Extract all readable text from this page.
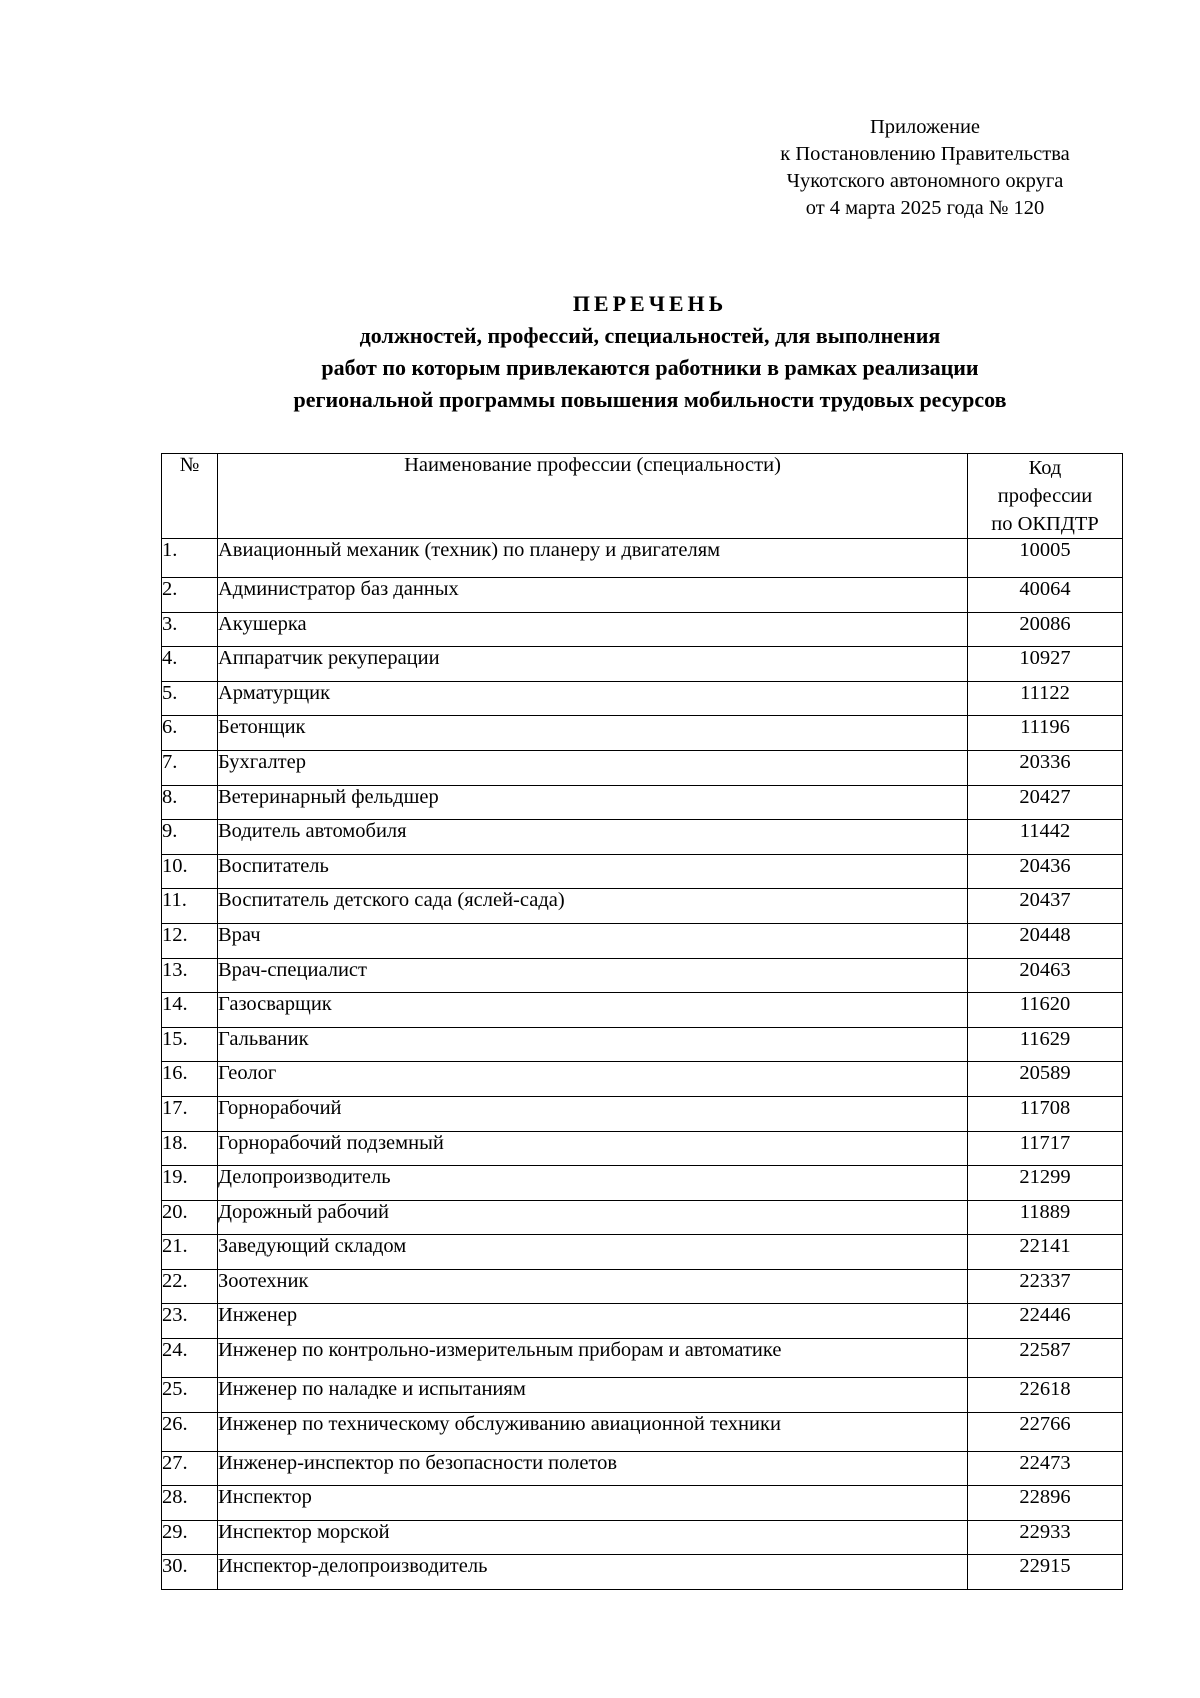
Приложение
к Постановлению Правительства
Чукотского автономного округа
от 4 марта 2025 года № 120
ПЕРЕЧЕНЬ
должностей, профессий, специальностей, для выполнения
работ по которым привлекаются работники в рамках реализации
региональной программы повышения мобильности трудовых ресурсов
№	Наименование профессии (специальности)	Код
профессии
по ОКПДТР

1.	Авиационный механик (техник) по планеру и двигателям	10005
2.	Администратор баз данных	40064
3.	Акушерка	20086
4.	Аппаратчик рекуперации	10927
5.	Арматурщик	11122
6.	Бетонщик	11196
7.	Бухгалтер	20336
8.	Ветеринарный фельдшер	20427
9.	Водитель автомобиля	11442
10.	Воспитатель	20436
11.	Воспитатель детского сада (яслей-сада)	20437
12.	Врач	20448
13.	Врач-специалист	20463
14.	Газосварщик	11620
15.	Гальваник	11629
16.	Геолог	20589
17.	Горнорабочий	11708
18.	Горнорабочий подземный	11717
19.	Делопроизводитель	21299
20.	Дорожный рабочий	11889
21.	Заведующий складом	22141
22.	Зоотехник	22337
23.	Инженер	22446
24.	Инженер по контрольно-измерительным приборам и автоматике	22587
25.	Инженер по наладке и испытаниям	22618
26.	Инженер по техническому обслуживанию авиационной техники	22766
27.	Инженер-инспектор по безопасности полетов	22473
28.	Инспектор	22896
29.	Инспектор морской	22933
30.	Инспектор-делопроизводитель	22915
